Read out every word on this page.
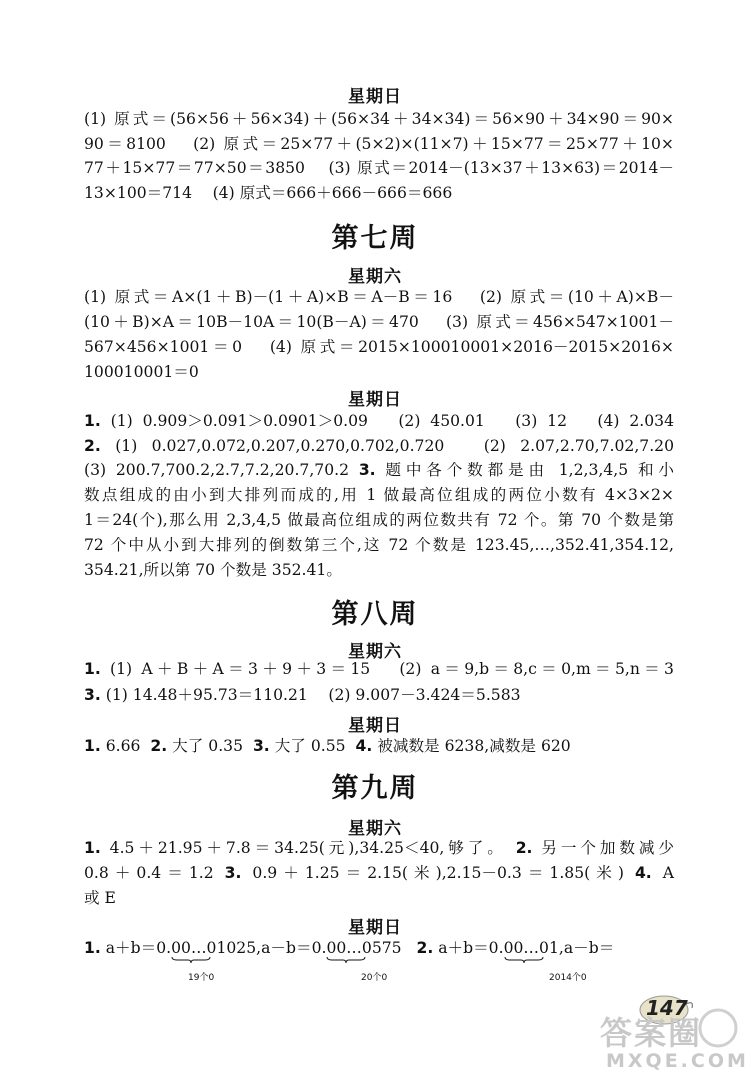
星期日
(1) 原式＝(56×56＋56×34)＋(56×34＋34×34)＝56×90＋34×90＝90×
90＝8100 　(2) 原式＝25×77＋(5×2)×(11×7)＋15×77＝25×77＋10×
77＋15×77＝77×50＝3850 　(3) 原式＝2014－(13×37＋13×63)＝2014－
13×100＝714 　(4) 原式＝666＋666－666＝666
第七周
星期六
(1) 原式＝A×(1＋B)－(1＋A)×B＝A－B＝16 　(2) 原式＝(10＋A)×B－
(10＋B)×A＝10B－10A＝10(B－A)＝470 　(3) 原式＝456×547×1001－
567×456×1001＝0 　(4) 原式＝2015×100010001×2016－2015×2016×
100010001＝0
星期日
1. (1) 0.909＞0.091＞0.0901＞0.09 　(2) 450.01 　(3) 12 　(4) 2.034
2. (1) 0.027,0.072,0.207,0.270,0.702,0.720 　(2) 2.07,2.70,7.02,7.20
(3) 200.7,700.2,2.7,7.2,20.7,70.2 3. 题中各个数都是由 1,2,3,4,5 和小
数点组成的由小到大排列而成的,用 1 做最高位组成的两位小数有 4×3×2×
1＝24(个),那么用 2,3,4,5 做最高位组成的两位数共有 72 个。第 70 个数是第
72 个中从小到大排列的倒数第三个,这 72 个数是 123.45,…,352.41,354.12,
354.21,所以第 70 个数是 352.41。
第八周
星期六
1. (1) A＋B＋A＝3＋9＋3＝15 　(2) a＝9,b＝8,c＝0,m＝5,n＝3
3. (1) 14.48＋95.73＝110.21 　(2) 9.007－3.424＝5.583
星期日
1. 6.66 2. 大了 0.35 3. 大了 0.55 4. 被减数是 6238,减数是 620
第九周
星期六
1. 4.5＋21.95＋7.8＝34.25(元),34.25＜40,够了。 2. 另一个加数减少
0.8＋0.4＝1.2 3. 0.9＋1.25＝2.15(米),2.15－0.3＝1.85(米) 4. A
或 E
星期日
1. a＋b＝0.00…0
1025,a－b＝0.00…0
575 2. a＋b＝0.00…0
1,a－b＝
19个0	20个0	2014个0
147
答案圈
MXQE.COM
